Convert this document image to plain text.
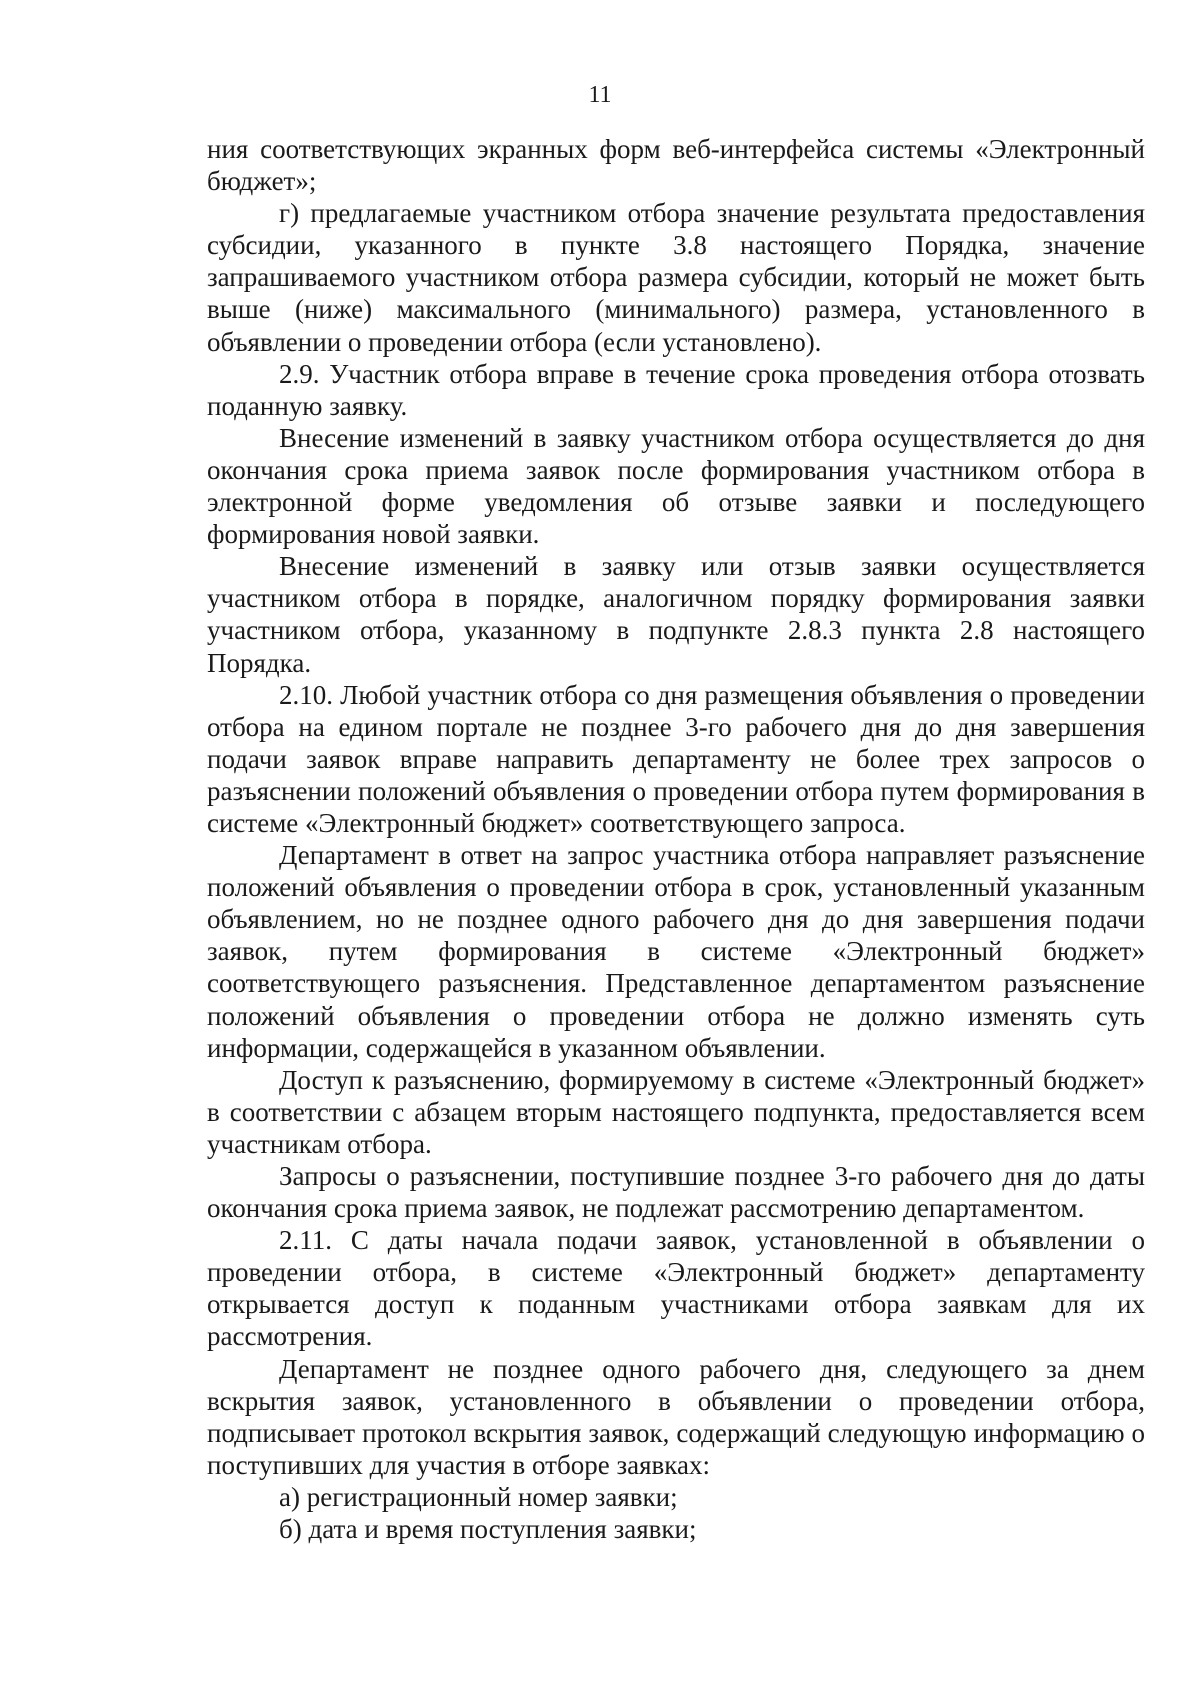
11

ния соответствующих экранных форм веб-интерфейса системы «Электронный бюджет»;

г) предлагаемые участником отбора значение результата предоставления субсидии, указанного в пункте 3.8 настоящего Порядка, значение запрашиваемого участником отбора размера субсидии, который не может быть выше (ниже) максимального (минимального) размера, установленного в объявлении о проведении отбора (если установлено).

2.9. Участник отбора вправе в течение срока проведения отбора отозвать поданную заявку.

Внесение изменений в заявку участником отбора осуществляется до дня окончания срока приема заявок после формирования участником отбора в электронной форме уведомления об отзыве заявки и последующего формирования новой заявки.

Внесение изменений в заявку или отзыв заявки осуществляется участником отбора в порядке, аналогичном порядку формирования заявки участником отбора, указанному в подпункте 2.8.3 пункта 2.8 настоящего Порядка.

2.10. Любой участник отбора со дня размещения объявления о проведении отбора на едином портале не позднее 3-го рабочего дня до дня завершения подачи заявок вправе направить департаменту не более трех запросов о разъяснении положений объявления о проведении отбора путем формирования в системе «Электронный бюджет» соответствующего запроса.

Департамент в ответ на запрос участника отбора направляет разъяснение положений объявления о проведении отбора в срок, установленный указанным объявлением, но не позднее одного рабочего дня до дня завершения подачи заявок, путем формирования в системе «Электронный бюджет» соответствующего разъяснения. Представленное департаментом разъяснение положений объявления о проведении отбора не должно изменять суть информации, содержащейся в указанном объявлении.

Доступ к разъяснению, формируемому в системе «Электронный бюджет» в соответствии с абзацем вторым настоящего подпункта, предоставляется всем участникам отбора.

Запросы о разъяснении, поступившие позднее 3-го рабочего дня до даты окончания срока приема заявок, не подлежат рассмотрению департаментом.

2.11. С даты начала подачи заявок, установленной в объявлении о проведении отбора, в системе «Электронный бюджет» департаменту открывается доступ к поданным участниками отбора заявкам для их рассмотрения.

Департамент не позднее одного рабочего дня, следующего за днем вскрытия заявок, установленного в объявлении о проведении отбора, подписывает протокол вскрытия заявок, содержащий следующую информацию о поступивших для участия в отборе заявках:

а) регистрационный номер заявки;

б) дата и время поступления заявки;
